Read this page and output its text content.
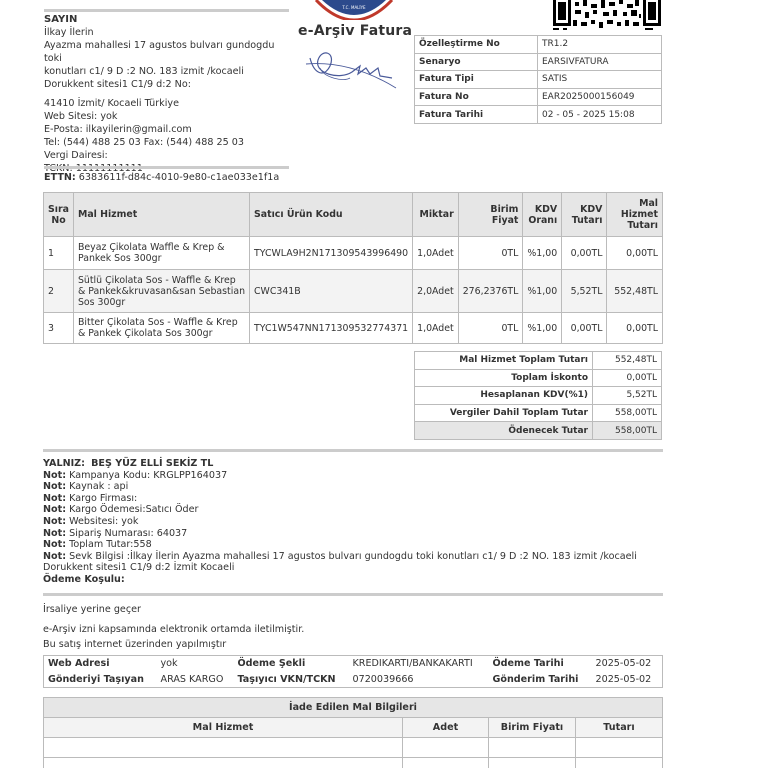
SAYIN
İlkay İlerin
Ayazma mahallesi 17 agustos bulvarı gundogdu toki
konutları c1/ 9 D :2 NO. 183 izmit /kocaeli
Dorukkent sitesi1 C1/9 d:2 No:
41410 İzmit/ Kocaeli Türkiye
Web Sitesi: yok
E-Posta: ilkayilerin@gmail.com
Tel: (544) 488 25 03 Fax: (544) 488 25 03
Vergi Dairesi:
T.C. MALİYE
e-Arşiv Fatura
Özelleştirme No	TR1.2
Senaryo	EARSIVFATURA
Fatura Tipi	SATIS
Fatura No	EAR2025000156049
Fatura Tarihi	02 - 05 - 2025 15:08
ETTN: 6383611f-d84c-4010-9e80-c1ae033e1f1a
Sıra No	Mal Hizmet	Satıcı Ürün Kodu	Miktar	Birim Fiyat	KDV Oranı	KDV Tutarı	Mal Hizmet Tutarı
1	Beyaz Çikolata Waffle & Krep & Pankek Sos 300gr	TYCWLA9H2N171309543996490	1,0Adet	0TL	%1,00	0,00TL	0,00TL
2	Sütlü Çikolata Sos - Waffle & Krep & Pankek&kruvasan&san Sebastian Sos 300gr	CWC341B	2,0Adet	276,2376TL	%1,00	5,52TL	552,48TL
3	Bitter Çikolata Sos - Waffle & Krep & Pankek Çikolata Sos 300gr	TYC1W547NN171309532774371	1,0Adet	0TL	%1,00	0,00TL	0,00TL
Mal Hizmet Toplam Tutarı	552,48TL
Toplam İskonto	0,00TL
Hesaplanan KDV(%1)	5,52TL
Vergiler Dahil Toplam Tutar	558,00TL
Ödenecek Tutar	558,00TL
YALNIZ: BEŞ YÜZ ELLİ SEKİZ TL
Not: Kampanya Kodu: KRGLPP164037
Not: Kaynak : api
Not: Kargo Firması:
Not: Kargo Ödemesi:Satıcı Öder
Not: Websitesi: yok
Not: Sipariş Numarası: 64037
Not: Toplam Tutar:558
Not: Sevk Bilgisi :İlkay İlerin Ayazma mahallesi 17 agustos bulvarı gundogdu toki konutları c1/ 9 D :2 NO. 183 izmit /kocaeli
Dorukkent sitesi1 C1/9 d:2 İzmit Kocaeli
Ödeme Koşulu:
İrsaliye yerine geçer
e-Arşiv izni kapsamında elektronik ortamda iletilmiştir.
Bu satış internet üzerinden yapılmıştır
Web Adresi	yok	Ödeme Şekli	KREDIKARTI/BANKAKARTI	Ödeme Tarihi	2025-05-02
Gönderiyi Taşıyan	ARAS KARGO	Taşıyıcı VKN/TCKN	0720039666	Gönderim Tarihi	2025-05-02
İade Edilen Mal Bilgileri			
Mal Hizmet	Adet	Birim Fiyatı	Tutarı
